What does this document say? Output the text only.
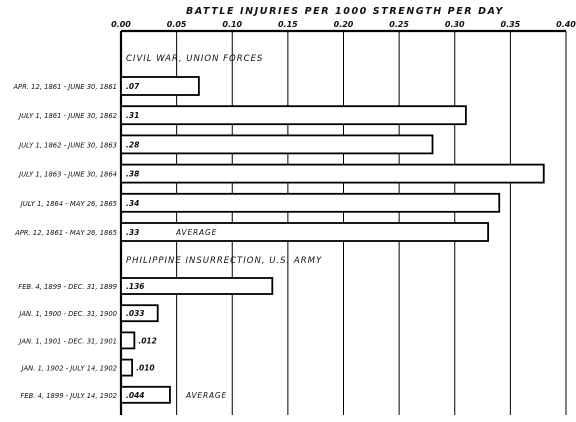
BATTLE INJURIES PER 1000 STRENGTH PER DAY
0.00	0.05	0.10	0.15	0.20	0.25	0.30	0.35	0.40
CIVIL WAR, UNION FORCES
APR. 12, 1861 - JUNE 30, 1861 .07
JULY 1, 1861 - JUNE 30, 1862 .31
JULY 1, 1862 - JUNE 30, 1863 .28
JULY 1, 1863 - JUNE 30, 1864 .38
JULY 1, 1864 - MAY 26, 1865 .34
APR. 12, 1861 - MAY 26, 1865 .33	AVERAGE
PHILIPPINE INSURRECTION, U.S. ARMY
FEB. 4, 1899 - DEC. 31, 1899 .136
JAN. 1, 1900 - DEC. 31, 1900 .033
JAN. 1, 1901 - DEC. 31, 1901	.012
JAN. 1, 1902 - JULY 14, 1902	.010
FEB. 4, 1899 - JULY 14, 1902 .044	AVERAGE
